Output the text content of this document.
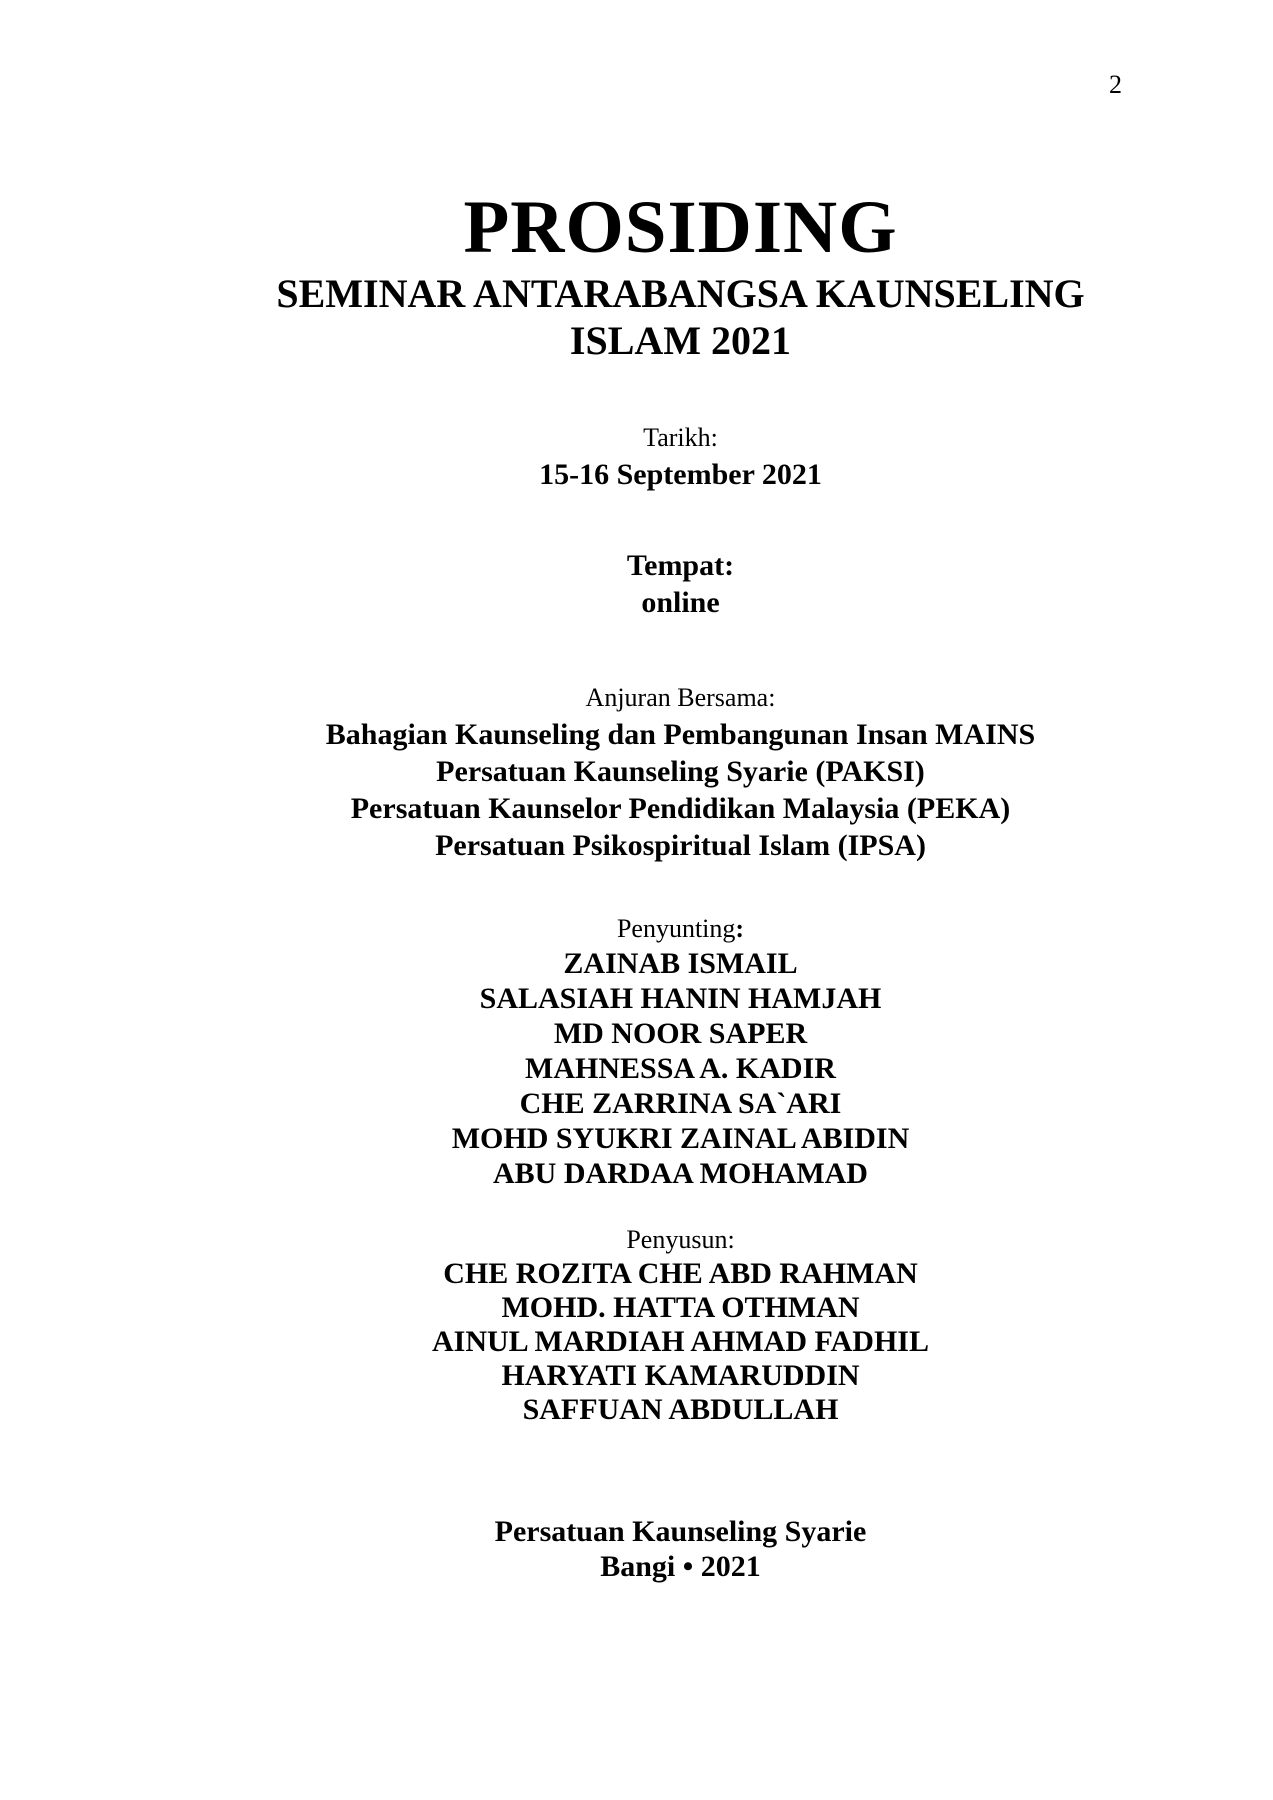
2
PROSIDING
SEMINAR ANTARABANGSA KAUNSELING
ISLAM 2021
Tarikh:
15-16 September 2021
Tempat:
online
Anjuran Bersama:
Bahagian Kaunseling dan Pembangunan Insan MAINS
Persatuan Kaunseling Syarie (PAKSI)
Persatuan Kaunselor Pendidikan Malaysia (PEKA)
Persatuan Psikospiritual Islam (IPSA)
Penyunting:
ZAINAB ISMAIL
SALASIAH HANIN HAMJAH
MD NOOR SAPER
MAHNESSA A. KADIR
CHE ZARRINA SA`ARI
MOHD SYUKRI ZAINAL ABIDIN
ABU DARDAA MOHAMAD
Penyusun:
CHE ROZITA CHE ABD RAHMAN
MOHD. HATTA OTHMAN
AINUL MARDIAH AHMAD FADHIL
HARYATI KAMARUDDIN
SAFFUAN ABDULLAH
Persatuan Kaunseling Syarie
Bangi • 2021
